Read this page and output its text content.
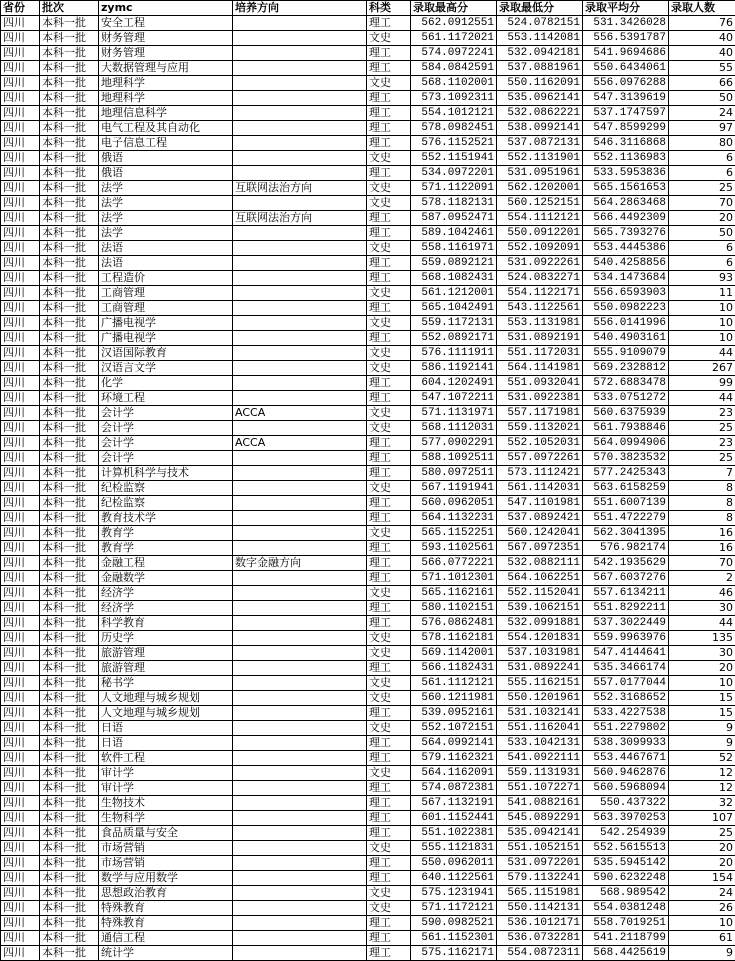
省份	批次	zymc	培养方向	科类	录取最高分	录取最低分	录取平均分	录取人数
四川	本科一批	安全工程		理工	562.0912551	524.0782151	531.3426028	76
四川	本科一批	财务管理		文史	561.1172021	553.1142081	556.5391787	40
四川	本科一批	财务管理		理工	574.0972241	532.0942181	541.9694686	40
四川	本科一批	大数据管理与应用		理工	584.0842591	537.0881961	550.6434061	55
四川	本科一批	地理科学		文史	568.1102001	550.1162091	556.0976288	66
四川	本科一批	地理科学		理工	573.1092311	535.0962141	547.3139619	50
四川	本科一批	地理信息科学		理工	554.1012121	532.0862221	537.1747597	24
四川	本科一批	电气工程及其自动化		理工	578.0982451	538.0992141	547.8599299	97
四川	本科一批	电子信息工程		理工	576.1152521	537.0872131	546.3116868	80
四川	本科一批	俄语		文史	552.1151941	552.1131901	552.1136983	6
四川	本科一批	俄语		理工	534.0972201	531.0951961	533.5953836	6
四川	本科一批	法学	互联网法治方向	文史	571.1122091	562.1202001	565.1561653	25
四川	本科一批	法学		文史	578.1182131	560.1252151	564.2863468	70
四川	本科一批	法学	互联网法治方向	理工	587.0952471	554.1112121	566.4492309	20
四川	本科一批	法学		理工	589.1042461	550.0912201	565.7393276	50
四川	本科一批	法语		文史	558.1161971	552.1092091	553.4445386	6
四川	本科一批	法语		理工	559.0892121	531.0922261	540.4258856	6
四川	本科一批	工程造价		理工	568.1082431	524.0832271	534.1473684	93
四川	本科一批	工商管理		文史	561.1212001	554.1122171	556.6593903	11
四川	本科一批	工商管理		理工	565.1042491	543.1122561	550.0982223	10
四川	本科一批	广播电视学		文史	559.1172131	553.1131981	556.0141996	10
四川	本科一批	广播电视学		理工	552.0892171	531.0892191	540.4903161	10
四川	本科一批	汉语国际教育		文史	576.1111911	551.1172031	555.9109079	44
四川	本科一批	汉语言文学		文史	586.1192141	564.1141981	569.2328812	267
四川	本科一批	化学		理工	604.1202491	551.0932041	572.6883478	99
四川	本科一批	环境工程		理工	547.1072211	531.0922381	533.0751272	44
四川	本科一批	会计学	ACCA	文史	571.1131971	557.1171981	560.6375939	23
四川	本科一批	会计学		文史	568.1112031	559.1132021	561.7938846	25
四川	本科一批	会计学	ACCA	理工	577.0902291	552.1052031	564.0994906	23
四川	本科一批	会计学		理工	588.1092511	557.0972261	570.3823532	25
四川	本科一批	计算机科学与技术		理工	580.0972511	573.1112421	577.2425343	7
四川	本科一批	纪检监察		文史	567.1191941	561.1142031	563.6158259	8
四川	本科一批	纪检监察		理工	560.0962051	547.1101981	551.6007139	8
四川	本科一批	教育技术学		理工	564.1132231	537.0892421	551.4722279	8
四川	本科一批	教育学		文史	565.1152251	560.1242041	562.3041395	16
四川	本科一批	教育学		理工	593.1102561	567.0972351	576.982174	16
四川	本科一批	金融工程	数字金融方向	理工	566.0772221	532.0882111	542.1935629	70
四川	本科一批	金融数学		理工	571.1012301	564.1062251	567.6037276	2
四川	本科一批	经济学		文史	565.1162161	552.1152041	557.6134211	46
四川	本科一批	经济学		理工	580.1102151	539.1062151	551.8292211	30
四川	本科一批	科学教育		理工	576.0862481	532.0991881	537.3022449	44
四川	本科一批	历史学		文史	578.1162181	554.1201831	559.9963976	135
四川	本科一批	旅游管理		文史	569.1142001	537.1031981	547.4144641	30
四川	本科一批	旅游管理		理工	566.1182431	531.0892241	535.3466174	20
四川	本科一批	秘书学		文史	561.1112121	555.1162151	557.0177044	10
四川	本科一批	人文地理与城乡规划		文史	560.1211981	550.1201961	552.3168652	15
四川	本科一批	人文地理与城乡规划		理工	539.0952161	531.1032141	533.4227538	15
四川	本科一批	日语		文史	552.1072151	551.1162041	551.2279802	9
四川	本科一批	日语		理工	564.0992141	533.1042131	538.3099933	9
四川	本科一批	软件工程		理工	579.1162321	541.0922111	553.4467671	52
四川	本科一批	审计学		文史	564.1162091	559.1131931	560.9462876	12
四川	本科一批	审计学		理工	574.0872381	551.1072271	560.5968094	12
四川	本科一批	生物技术		理工	567.1132191	541.0882161	550.437322	32
四川	本科一批	生物科学		理工	601.1152441	545.0892291	563.3970253	107
四川	本科一批	食品质量与安全		理工	551.1022381	535.0942141	542.254939	25
四川	本科一批	市场营销		文史	555.1121831	551.1052151	552.5615513	20
四川	本科一批	市场营销		理工	550.0962011	531.0972201	535.5945142	20
四川	本科一批	数学与应用数学		理工	640.1122561	579.1132241	590.6232248	154
四川	本科一批	思想政治教育		文史	575.1231941	565.1151981	568.989542	24
四川	本科一批	特殊教育		文史	571.1172121	550.1142131	554.0381248	26
四川	本科一批	特殊教育		理工	590.0982521	536.1012171	558.7019251	10
四川	本科一批	通信工程		理工	561.1152301	536.0732281	541.2118799	61
四川	本科一批	统计学		理工	575.1162171	554.0872311	568.4425619	9
